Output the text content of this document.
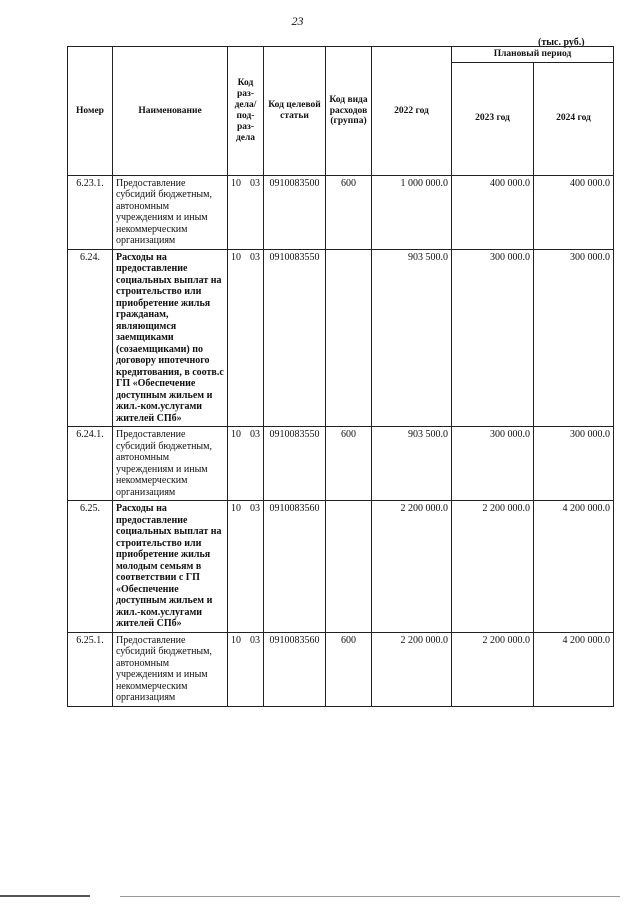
23
(тыс. руб.)
Номер	Наименование	Код раз-дела/ под-раз-дела	Код целевой статьи	Код вида расходов (группа)	2022 год	Плановый период	
						2023 год	2024 год
6.23.1.	Предоставление субсидий бюджетным, автономным учреждениям и иным некоммерческим организациям	10 03	0910083500	600	1 000 000.0	400 000.0	400 000.0
6.24.	Расходы на предоставление социальных выплат на строительство или приобретение жилья гражданам, являющимся заемщиками (созаемщиками) по договору ипотечного кредитования, в соотв.с ГП «Обеспечение доступным жильем и жил.-ком.услугами жителей СПб»	10 03	0910083550		903 500.0	300 000.0	300 000.0
6.24.1.	Предоставление субсидий бюджетным, автономным учреждениям и иным некоммерческим организациям	10 03	0910083550	600	903 500.0	300 000.0	300 000.0
6.25.	Расходы на предоставление социальных выплат на строительство или приобретение жилья молодым семьям в соответствии с ГП «Обеспечение доступным жильем и жил.-ком.услугами жителей СПб»	10 03	0910083560		2 200 000.0	2 200 000.0	4 200 000.0
6.25.1.	Предоставление субсидий бюджетным, автономным учреждениям и иным некоммерческим организациям	10 03	0910083560	600	2 200 000.0	2 200 000.0	4 200 000.0
